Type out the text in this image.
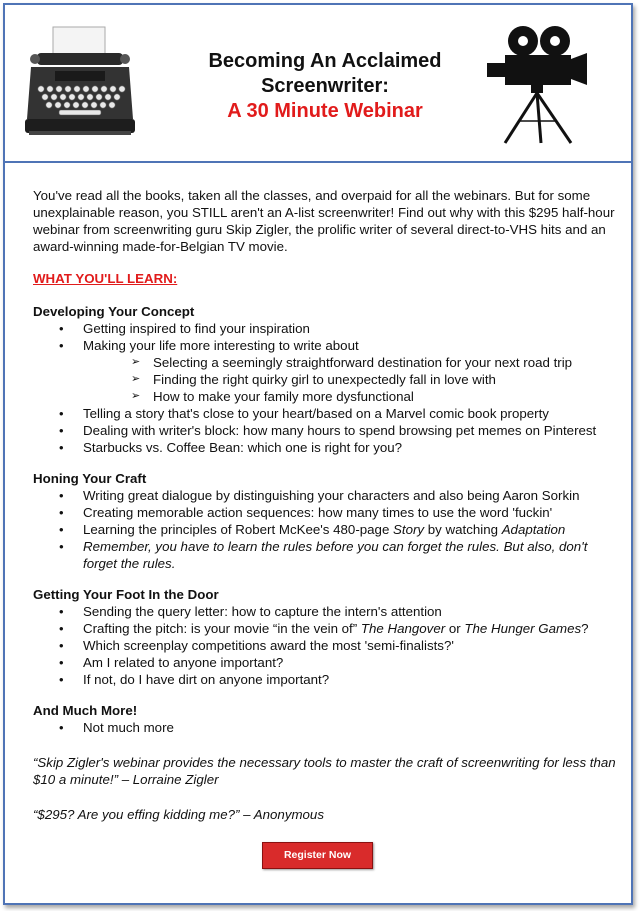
Becoming An Acclaimed
Screenwriter:
A 30 Minute Webinar

You've read all the books, taken all the classes, and overpaid for all the webinars. But for some unexplainable reason, you STILL aren't an A-list screenwriter! Find out why with this $295 half-hour webinar from screenwriting guru Skip Zigler, the prolific writer of several direct-to-VHS hits and an award-winning made-for-Belgian TV movie.

WHAT YOU'LL LEARN:

Developing Your Concept

• Getting inspired to find your inspiration
• Making your life more interesting to write about
➢ Selecting a seemingly straightforward destination for your next road trip
➢ Finding the right quirky girl to unexpectedly fall in love with
➢ How to make your family more dysfunctional
• Telling a story that's close to your heart/based on a Marvel comic book property
• Dealing with writer's block: how many hours to spend browsing pet memes on Pinterest
• Starbucks vs. Coffee Bean: which one is right for you?

Honing Your Craft

• Writing great dialogue by distinguishing your characters and also being Aaron Sorkin
• Creating memorable action sequences: how many times to use the word 'fuckin'
• Learning the principles of Robert McKee's 480-page Story by watching Adaptation
• Remember, you have to learn the rules before you can forget the rules. But also, don't forget the rules.

Getting Your Foot In the Door

• Sending the query letter: how to capture the intern's attention
• Crafting the pitch: is your movie “in the vein of” The Hangover or The Hunger Games?
• Which screenplay competitions award the most 'semi-finalists?'
• Am I related to anyone important?
• If not, do I have dirt on anyone important?

And Much More!

• Not much more

“Skip Zigler's webinar provides the necessary tools to master the craft of screenwriting for less than $10 a minute!” – Lorraine Zigler

“$295? Are you effing kidding me?” – Anonymous

Register Now
